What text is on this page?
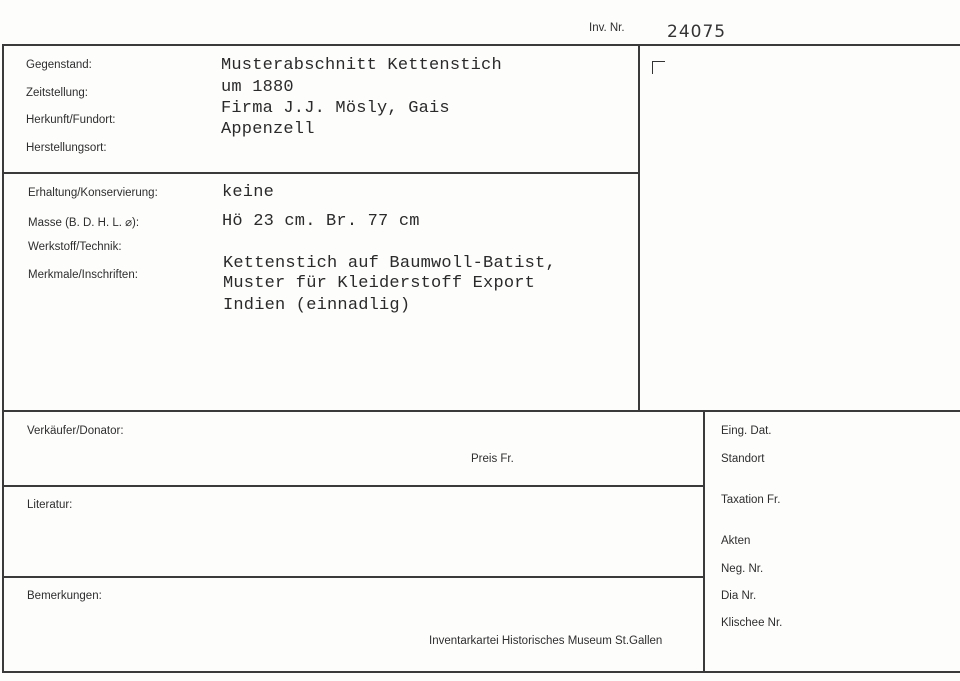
Inv. Nr. 24075
Gegenstand:
Zeitstellung:
Herkunft/Fundort:
Herstellungsort:
Musterabschnitt Kettenstich
um 1880
Firma J.J. Mösly, Gais
Appenzell
Erhaltung/Konservierung:
Masse (B. D. H. L. ⌀):
Werkstoff/Technik:
Merkmale/Inschriften:
keine
Hö 23 cm. Br. 77 cm
Kettenstich auf Baumwoll-Batist,
Muster für Kleiderstoff Export
Indien (einnadlig)
Verkäufer/Donator:
Preis Fr.
Literatur:
Bemerkungen:
Inventarkartei Historisches Museum St.Gallen
Eing. Dat.
Standort
Taxation Fr.
Akten
Neg. Nr.
Dia Nr.
Klischee Nr.
